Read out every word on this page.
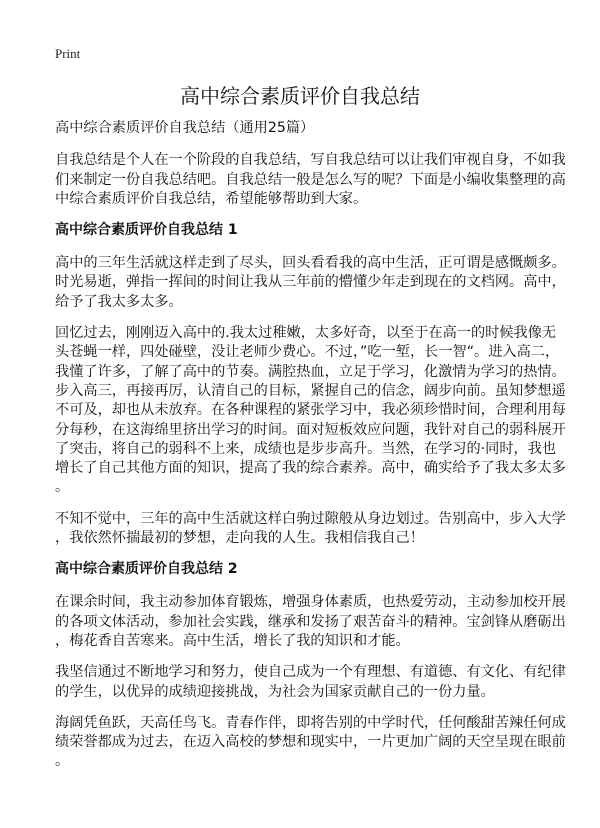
Print
高中综合素质评价自我总结
高中综合素质评价自我总结（通用25篇）
自我总结是个人在一个阶段的自我总结，写自我总结可以让我们审视自身，不如我
们来制定一份自我总结吧。自我总结一般是怎么写的呢？下面是小编收集整理的高
中综合素质评价自我总结，希望能够帮助到大家。
高中综合素质评价自我总结 1
高中的三年生活就这样走到了尽头，回头看看我的高中生活，正可谓是感慨颇多。
时光易逝，弹指一挥间的时间让我从三年前的懵懂少年走到现在的文档网。高中，
给予了我太多太多。
回忆过去，刚刚迈入高中的.我太过稚嫩，太多好奇，以至于在高一的时候我像无
头苍蝇一样，四处碰壁，没让老师少费心。不过，”吃一堑，长一智“。进入高二，
我懂了许多，了解了高中的节奏。满腔热血，立足于学习，化激情为学习的热情。
步入高三，再接再厉，认清自己的目标，紧握自己的信念，阔步向前。虽知梦想遥
不可及，却也从未放弃。在各种课程的紧张学习中，我必须珍惜时间，合理利用每
分每秒，在这海绵里挤出学习的时间。面对短板效应问题，我针对自己的弱科展开
了突击，将自己的弱科不上来，成绩也是步步高升。当然，在学习的·同时，我也
增长了自己其他方面的知识，提高了我的综合素养。高中，确实给予了我太多太多
。
不知不觉中，三年的高中生活就这样白驹过隙般从身边划过。告别高中，步入大学
，我依然怀揣最初的梦想，走向我的人生。我相信我自己！
高中综合素质评价自我总结 2
在课余时间，我主动参加体育锻炼，增强身体素质，也热爱劳动，主动参加校开展
的各项文体活动，参加社会实践，继承和发扬了艰苦奋斗的精神。宝剑锋从磨砺出
，梅花香自苦寒来。高中生活，增长了我的知识和才能。
我坚信通过不断地学习和努力，使自己成为一个有理想、有道德、有文化、有纪律
的学生，以优异的成绩迎接挑战，为社会为国家贡献自己的一份力量。
海阔凭鱼跃，天高任鸟飞。青春作伴，即将告别的中学时代，任何酸甜苦辣任何成
绩荣誉都成为过去，在迈入高校的梦想和现实中，一片更加广阔的天空呈现在眼前
。
